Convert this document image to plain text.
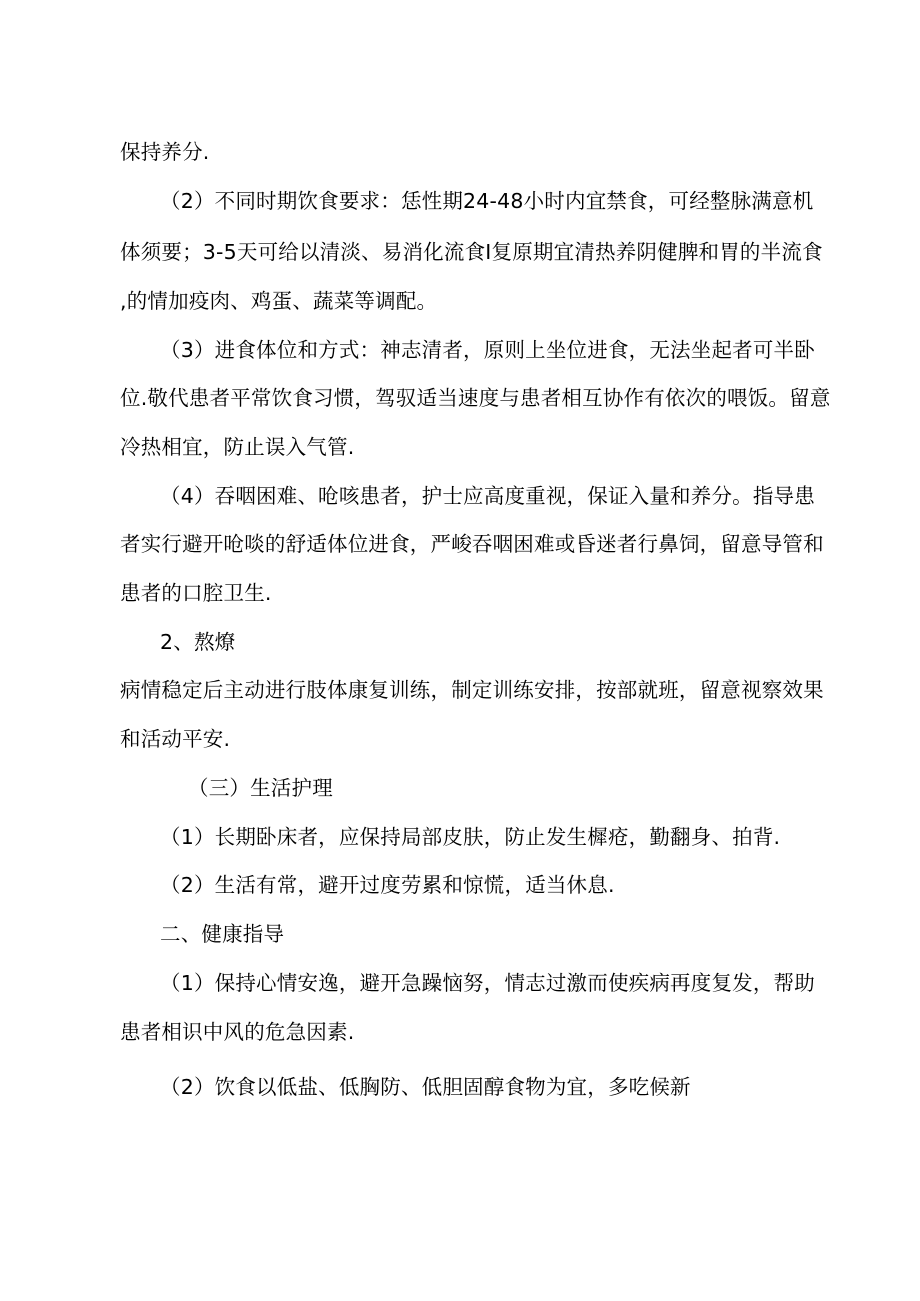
保持养分.
（2）不同时期饮食要求：恁性期24-48小时内宜禁食，可经整脉满意机
体须要；3-5天可给以清淡、易消化流食Ⅰ复原期宜清热养阴健脾和胃的半流食
,的情加疫肉、鸡蛋、蔬菜等调配。
（3）进食体位和方式：神志清者，原则上坐位进食，无法坐起者可半卧
位.敬代患者平常饮食习惯，驾驭适当速度与患者相互协作有依次的喂饭。留意
冷热相宜，防止误入气管.
（4）吞咽困难、呛咳患者，护士应高度重视，保证入量和养分。指导患
者实行避开呛啖的舒适体位进食，严峻吞咽困难或昏迷者行鼻饲，留意导管和
患者的口腔卫生.
2、熬燎
病情稳定后主动进行肢体康复训练，制定训练安排，按部就班，留意视察效果
和活动平安.
（三）生活护理
（1）长期卧床者，应保持局部皮肤，防止发生樨疮，勤翻身、拍背.
（2）生活有常，避开过度劳累和惊慌，适当休息.
二、健康指导
（1）保持心情安逸，避开急躁恼努，情志过激而使疾病再度复发，帮助
患者相识中风的危急因素.
（2）饮食以低盐、低胸防、低胆固醇食物为宜，多吃候新
